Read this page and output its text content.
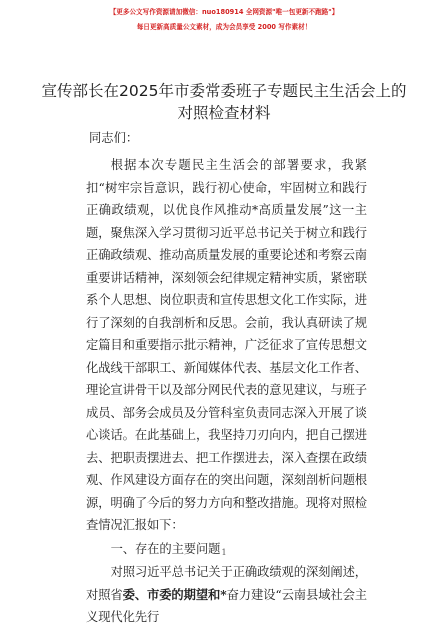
【更多公文写作资源请加微信：nuo180914 全网资源"唯一包更新不跑路"】
每日更新高质量公文素材，成为会员享受 2000 写作素材！
宣传部长在2025年市委常委班子专题民主生活会上的对照检查材料
同志们：

根据本次专题民主生活会的部署要求，我紧扣“树牢宗旨意识，践行初心使命，牢固树立和践行正确政绩观，以优良作风推动*高质量发展”这一主题，聚焦深入学习贯彻习近平总书记关于树立和践行正确政绩观、推动高质量发展的重要论述和考察云南重要讲话精神，深刻领会纪律规定精神实质，紧密联系个人思想、岗位职责和宣传思想文化工作实际，进行了深刻的自我剖析和反思。会前，我认真研读了规定篇目和重要指示批示精神，广泛征求了宣传思想文化战线干部职工、新闻媒体代表、基层文化工作者、理论宣讲骨干以及部分网民代表的意见建议，与班子成员、部务会成员及分管科室负责同志深入开展了谈心谈话。在此基础上，我坚持刀刃向内，把自己摆进去、把职责摆进去、把工作摆进去，深入查摆在政绩观、作风建设方面存在的突出问题，深刻剖析问题根源，明确了今后的努力方向和整改措施。现将对照检查情况汇报如下：

一、存在的主要问题

对照习近平总书记关于正确政绩观的深刻阐述，对照省委、市委的期望和*奋力建设“云南县域社会主义现代化先行

1
